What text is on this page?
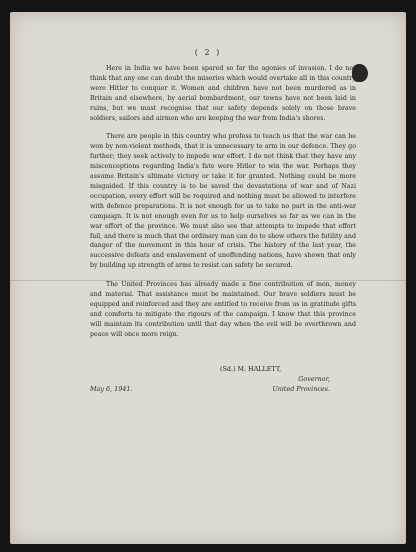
( 2 )

Here in India we have been spared so far the agonies of invasion. I do not think that any one can doubt the miseries which would overtake all in this country were Hitler to conquer it. Women and children have not been murdered as in Britain and elsewhere, by aerial bombardment, our towns have not been laid in ruins, but we must recognise that our safety depends solely on those brave soldiers, sailors and airmen who are keeping the war from India's shores.

There are people in this country who profess to teach us that the war can be won by non-violent methods, that it is unnecessary to arm in our defence. They go further; they seek actively to impede war effort. I do not think that they have any misconceptions regarding India's fate were Hitler to win the war. Perhaps they assume Britain's ultimate victory or take it for granted. Nothing could be more misguided. If this country is to be saved the devastations of war and of Nazi occupation, every effort will be required and nothing must be allowed to interfere with defence preparations. It is not enough for us to take no part in the anti-war campaign. It is not enough even for us to help ourselves so far as we can in the war effort of the province. We must also see that attempts to impede that effort fail, and there is much that the ordinary man can do to show others the futility and danger of the movement in this hour of crisis. The history of the last year, the successive defeats and enslavement of unoffending nations, have shown that only by building up strength of arms to resist can safety be secured.

The United Provinces has already made a fine contribution of men, money and material. That assistance must be maintained. Our brave soldiers must be equipped and reinforced and they are entitled to receive from us in gratitude gifts and comforts to mitigate the rigours of the campaign. I know that this province will maintain its contribution until that day when the evil will be overthrown and peace will once more reign.

May 6, 1941.
(Sd.) M. HALLETT,
Governor,
United Provinces.
